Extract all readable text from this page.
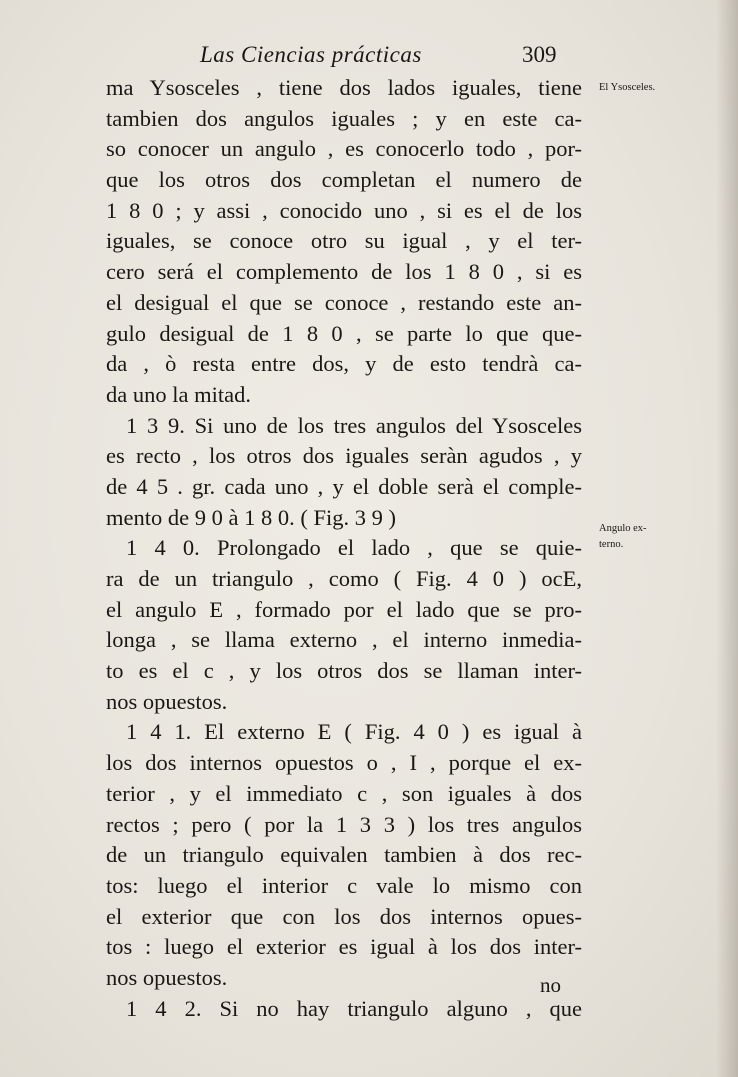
Las Ciencias prácticas	309
El Ysosceles.
Angulo ex-
terno.
ma Ysosceles , tiene dos lados iguales, tiene
tambien dos angulos iguales ; y en este ca-
so conocer un angulo , es conocerlo todo , por-
que los otros dos completan el numero de
1 8 0 ; y assi , conocido uno , si es el de los
iguales, se conoce otro su igual , y el ter-
cero será el complemento de los 1 8 0 , si es
el desigual el que se conoce , restando este an-
gulo desigual de 1 8 0 , se parte lo que que-
da , ò resta entre dos, y de esto tendrà ca-
da uno la mitad.
1 3 9. Si uno de los tres angulos del Ysosceles
es recto , los otros dos iguales seràn agudos , y
de 4 5 . gr. cada uno , y el doble serà el comple-
mento de 9 0 à 1 8 0. ( Fig. 3 9 )
1 4 0. Prolongado el lado , que se quie-
ra de un triangulo , como ( Fig. 4 0 ) ocE,
el angulo E , formado por el lado que se pro-
longa , se llama externo , el interno inmedia-
to es el c , y los otros dos se llaman inter-
nos opuestos.
1 4 1. El externo E ( Fig. 4 0 ) es igual à
los dos internos opuestos o , I , porque el ex-
terior , y el immediato c , son iguales à dos
rectos ; pero ( por la 1 3 3 ) los tres angulos
de un triangulo equivalen tambien à dos rec-
tos: luego el interior c vale lo mismo con
el exterior que con los dos internos opues-
tos : luego el exterior es igual à los dos inter-
nos opuestos.
1 4 2. Si no hay triangulo alguno , que
no
